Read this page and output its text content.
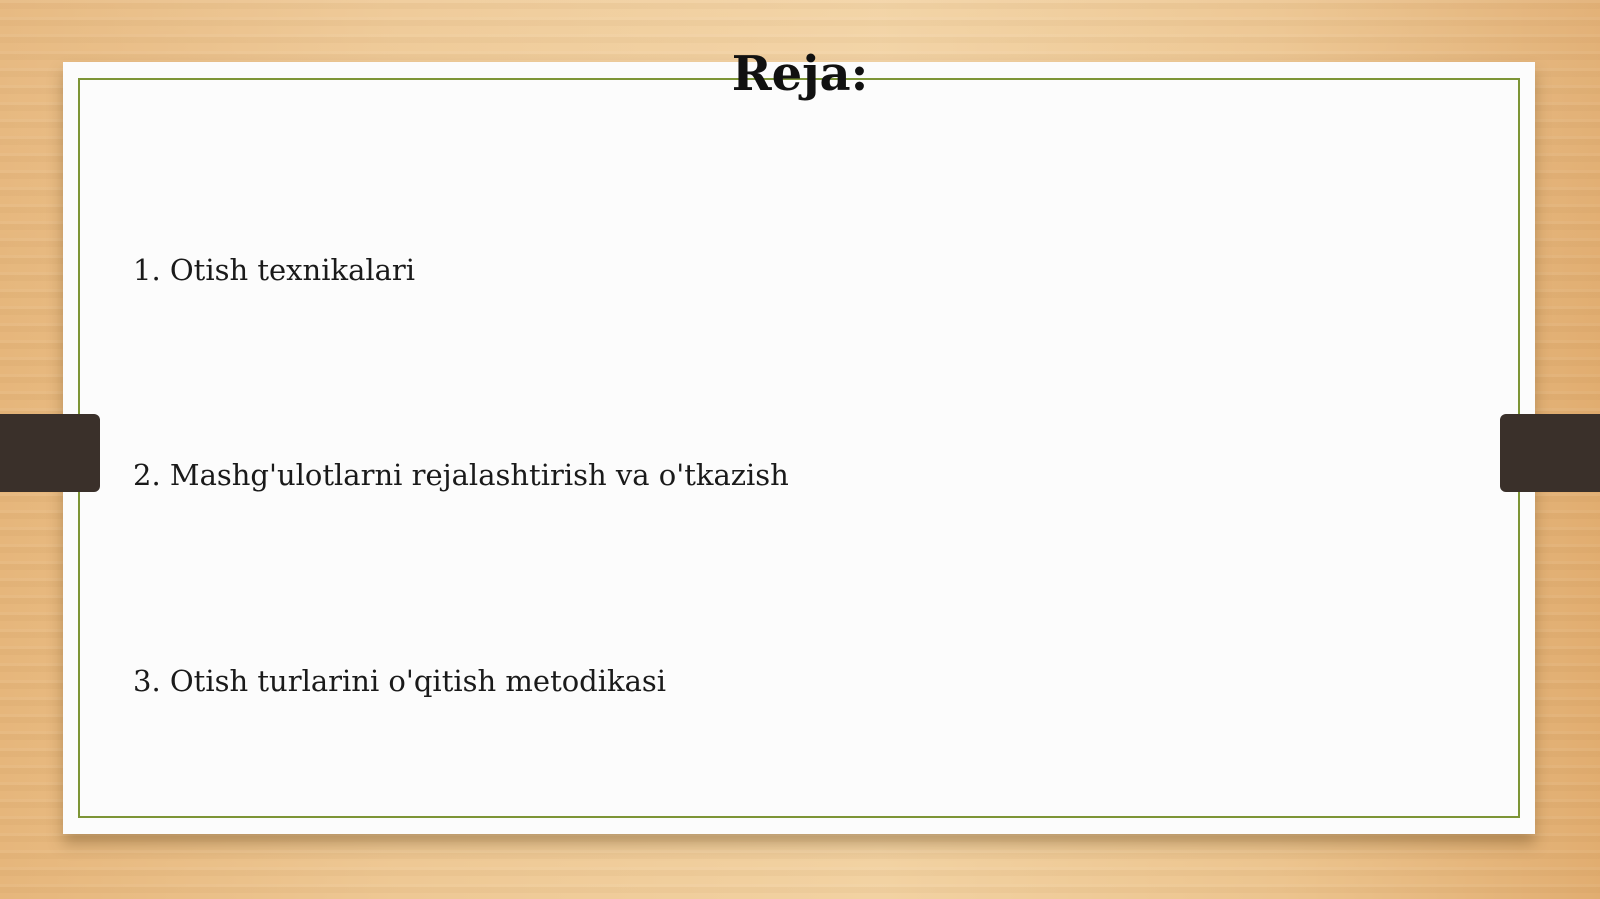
Reja:
1. Otish texnikalari
2. Mashg'ulotlarni rejalashtirish va o'tkazish
3. Otish turlarini o'qitish metodikasi
